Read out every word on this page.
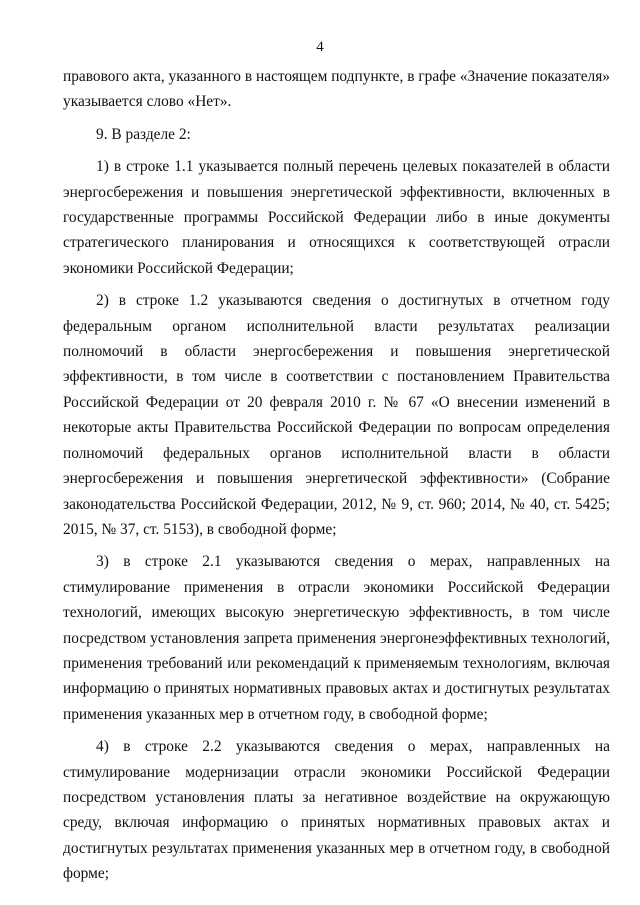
4

правового акта, указанного в настоящем подпункте, в графе «Значение показателя» указывается слово «Нет».

9. В разделе 2:

1) в строке 1.1 указывается полный перечень целевых показателей в области энергосбережения и повышения энергетической эффективности, включенных в государственные программы Российской Федерации либо в иные документы стратегического планирования и относящихся к соответствующей отрасли экономики Российской Федерации;

2) в строке 1.2 указываются сведения о достигнутых в отчетном году федеральным органом исполнительной власти результатах реализации полномочий в области энергосбережения и повышения энергетической эффективности, в том числе в соответствии с постановлением Правительства Российской Федерации от 20 февраля 2010 г. № 67 «О внесении изменений в некоторые акты Правительства Российской Федерации по вопросам определения полномочий федеральных органов исполнительной власти в области энергосбережения и повышения энергетической эффективности» (Собрание законодательства Российской Федерации, 2012, № 9, ст. 960; 2014, № 40, ст. 5425; 2015, № 37, ст. 5153), в свободной форме;

3) в строке 2.1 указываются сведения о мерах, направленных на стимулирование применения в отрасли экономики Российской Федерации технологий, имеющих высокую энергетическую эффективность, в том числе посредством установления запрета применения энергонеэффективных технологий, применения требований или рекомендаций к применяемым технологиям, включая информацию о принятых нормативных правовых актах и достигнутых результатах применения указанных мер в отчетном году, в свободной форме;

4) в строке 2.2 указываются сведения о мерах, направленных на стимулирование модернизации отрасли экономики Российской Федерации посредством установления платы за негативное воздействие на окружающую среду, включая информацию о принятых нормативных правовых актах и достигнутых результатах применения указанных мер в отчетном году, в свободной форме;
